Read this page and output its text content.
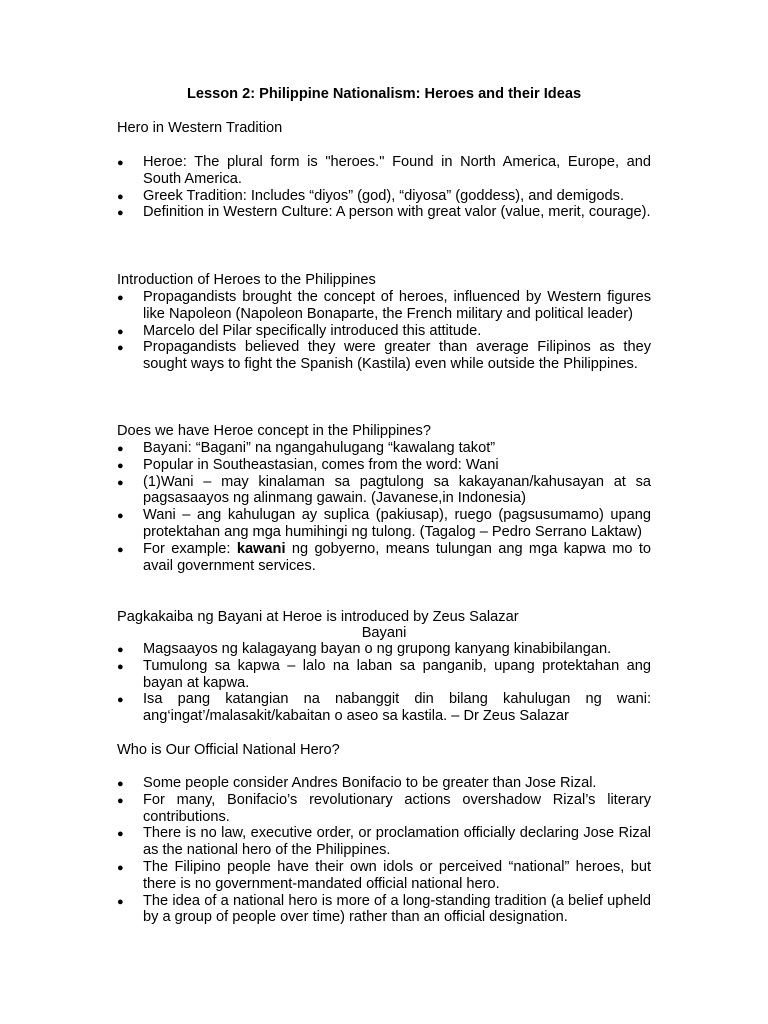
Lesson 2: Philippine Nationalism: Heroes and their Ideas

Hero in Western Tradition

● Heroe: The plural form is "heroes." Found in North America, Europe, and South America.
● Greek Tradition: Includes “diyos” (god), “diyosa” (goddess), and demigods.
● Definition in Western Culture: A person with great valor (value, merit, courage).

Introduction of Heroes to the Philippines

● Propagandists brought the concept of heroes, influenced by Western figures like Napoleon (Napoleon Bonaparte, the French military and political leader)
● Marcelo del Pilar specifically introduced this attitude.
● Propagandists believed they were greater than average Filipinos as they sought ways to fight the Spanish (Kastila) even while outside the Philippines.

Does we have Heroe concept in the Philippines?

● Bayani: “Bagani” na ngangahulugang “kawalang takot”
● Popular in Southeastasian, comes from the word: Wani
● (1)Wani – may kinalaman sa pagtulong sa kakayanan/kahusayan at sa pagsasaayos ng alinmang gawain. (Javanese,in Indonesia)
● Wani – ang kahulugan ay suplica (pakiusap), ruego (pagsusumamo) upang protektahan ang mga humihingi ng tulong. (Tagalog – Pedro Serrano Laktaw)
● For example: kawani ng gobyerno, means tulungan ang mga kapwa mo to avail government services.

Pagkakaiba ng Bayani at Heroe is introduced by Zeus Salazar

Bayani

● Magsaayos ng kalagayang bayan o ng grupong kanyang kinabibilangan.
● Tumulong sa kapwa – lalo na laban sa panganib, upang protektahan ang bayan at kapwa.
● Isa pang katangian na nabanggit din bilang kahulugan ng wani: ang‘ingat’/malasakit/kabaitan o aseo sa kastila. – Dr Zeus Salazar

Who is Our Official National Hero?

● Some people consider Andres Bonifacio to be greater than Jose Rizal.
● For many, Bonifacio’s revolutionary actions overshadow Rizal’s literary contributions.
● There is no law, executive order, or proclamation officially declaring Jose Rizal as the national hero of the Philippines.
● The Filipino people have their own idols or perceived “national” heroes, but there is no government-mandated official national hero.
● The idea of a national hero is more of a long-standing tradition (a belief upheld by a group of people over time) rather than an official designation.
